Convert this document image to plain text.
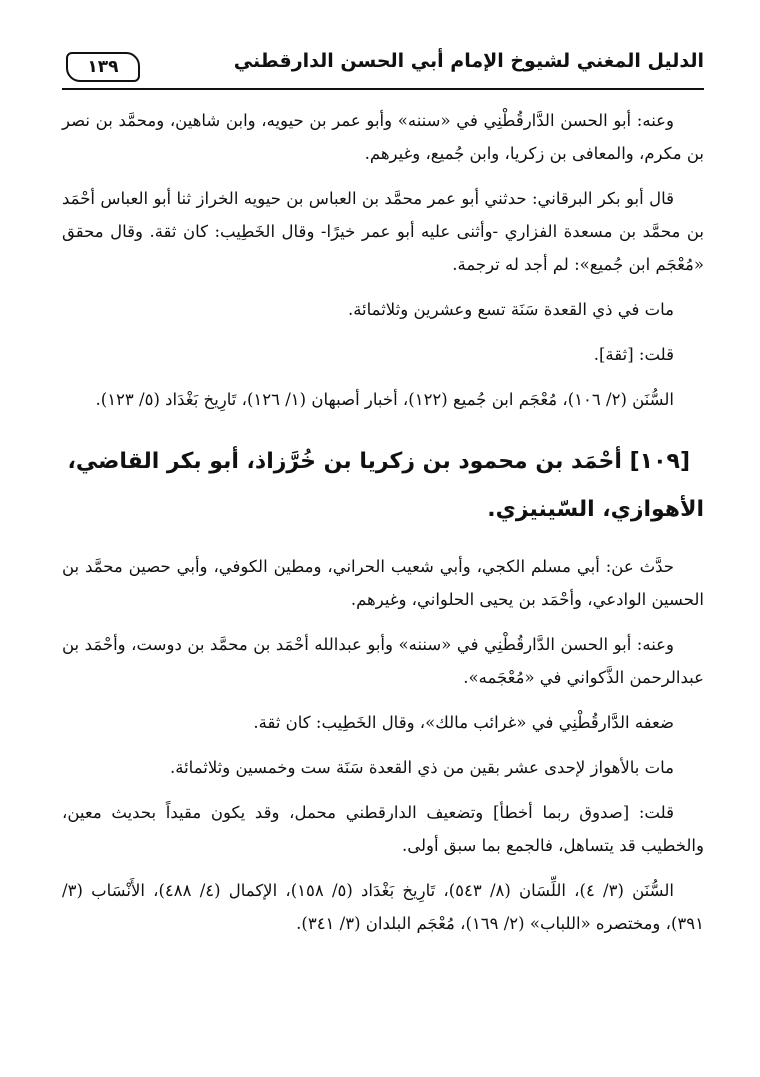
الدليل المغني لشيوخ الإمام أبي الحسن الدارقطني
١٣٩

وعنه: أبو الحسن الدَّارقُطْنِي في «سننه» وأبو عمر بن حيويه، وابن شاهين، ومحمَّد بن نصر بن مكرم، والمعافى بن زكريا، وابن جُميع، وغيرهم.

قال أبو بكر البرقاني: حدثني أبو عمر محمَّد بن العباس بن حيويه الخراز ثنا أبو العباس أحْمَد بن محمَّد بن مسعدة الفزاري -وأثنى عليه أبو عمر خيرًا- وقال الخَطِيب: كان ثقة. وقال محقق «مُعْجَم ابن جُميع»: لم أجد له ترجمة.

مات في ذي القعدة سَنَة تسع وعشرين وثلاثمائة.

قلت: [ثقة].

السُّنَن (٢/ ١٠٦)، مُعْجَم ابن جُميع (١٢٢)، أخبار أصبهان (١/ ١٢٦)، تَارِيخ بَغْدَاد (٥/ ١٢٣).

[١٠٩] أحْمَد بن محمود بن زكريا بن خُرَّزاذ، أبو بكر القاضي، الأهوازي، السّينيزي.

حدَّث عن: أبي مسلم الكجي، وأبي شعيب الحراني، ومطين الكوفي، وأبي حصين محمَّد بن الحسين الوادعي، وأحْمَد بن يحيى الحلواني، وغيرهم.

وعنه: أبو الحسن الدَّارقُطْنِي في «سننه» وأبو عبدالله أحْمَد بن محمَّد بن دوست، وأحْمَد بن عبدالرحمن الذَّكواني في «مُعْجَمه».

ضعفه الدَّارقُطْنِي في «غرائب مالك»، وقال الخَطِيب: كان ثقة.

مات بالأهواز لإحدى عشر بقين من ذي القعدة سَنَة ست وخمسين وثلاثمائة.

قلت: [صدوق ربما أخطأ] وتضعيف الدارقطني محمل، وقد يكون مقيداً بحديث معين، والخطيب قد يتساهل، فالجمع بما سبق أولى.

السُّنَن (٣/ ٤)، اللِّسَان (٨/ ٥٤٣)، تَارِيخ بَغْدَاد (٥/ ١٥٨)، الإكمال (٤/ ٤٨٨)، الأَنْسَاب (٣/ ٣٩١)، ومختصره «اللباب» (٢/ ١٦٩)، مُعْجَم البلدان (٣/ ٣٤١).
